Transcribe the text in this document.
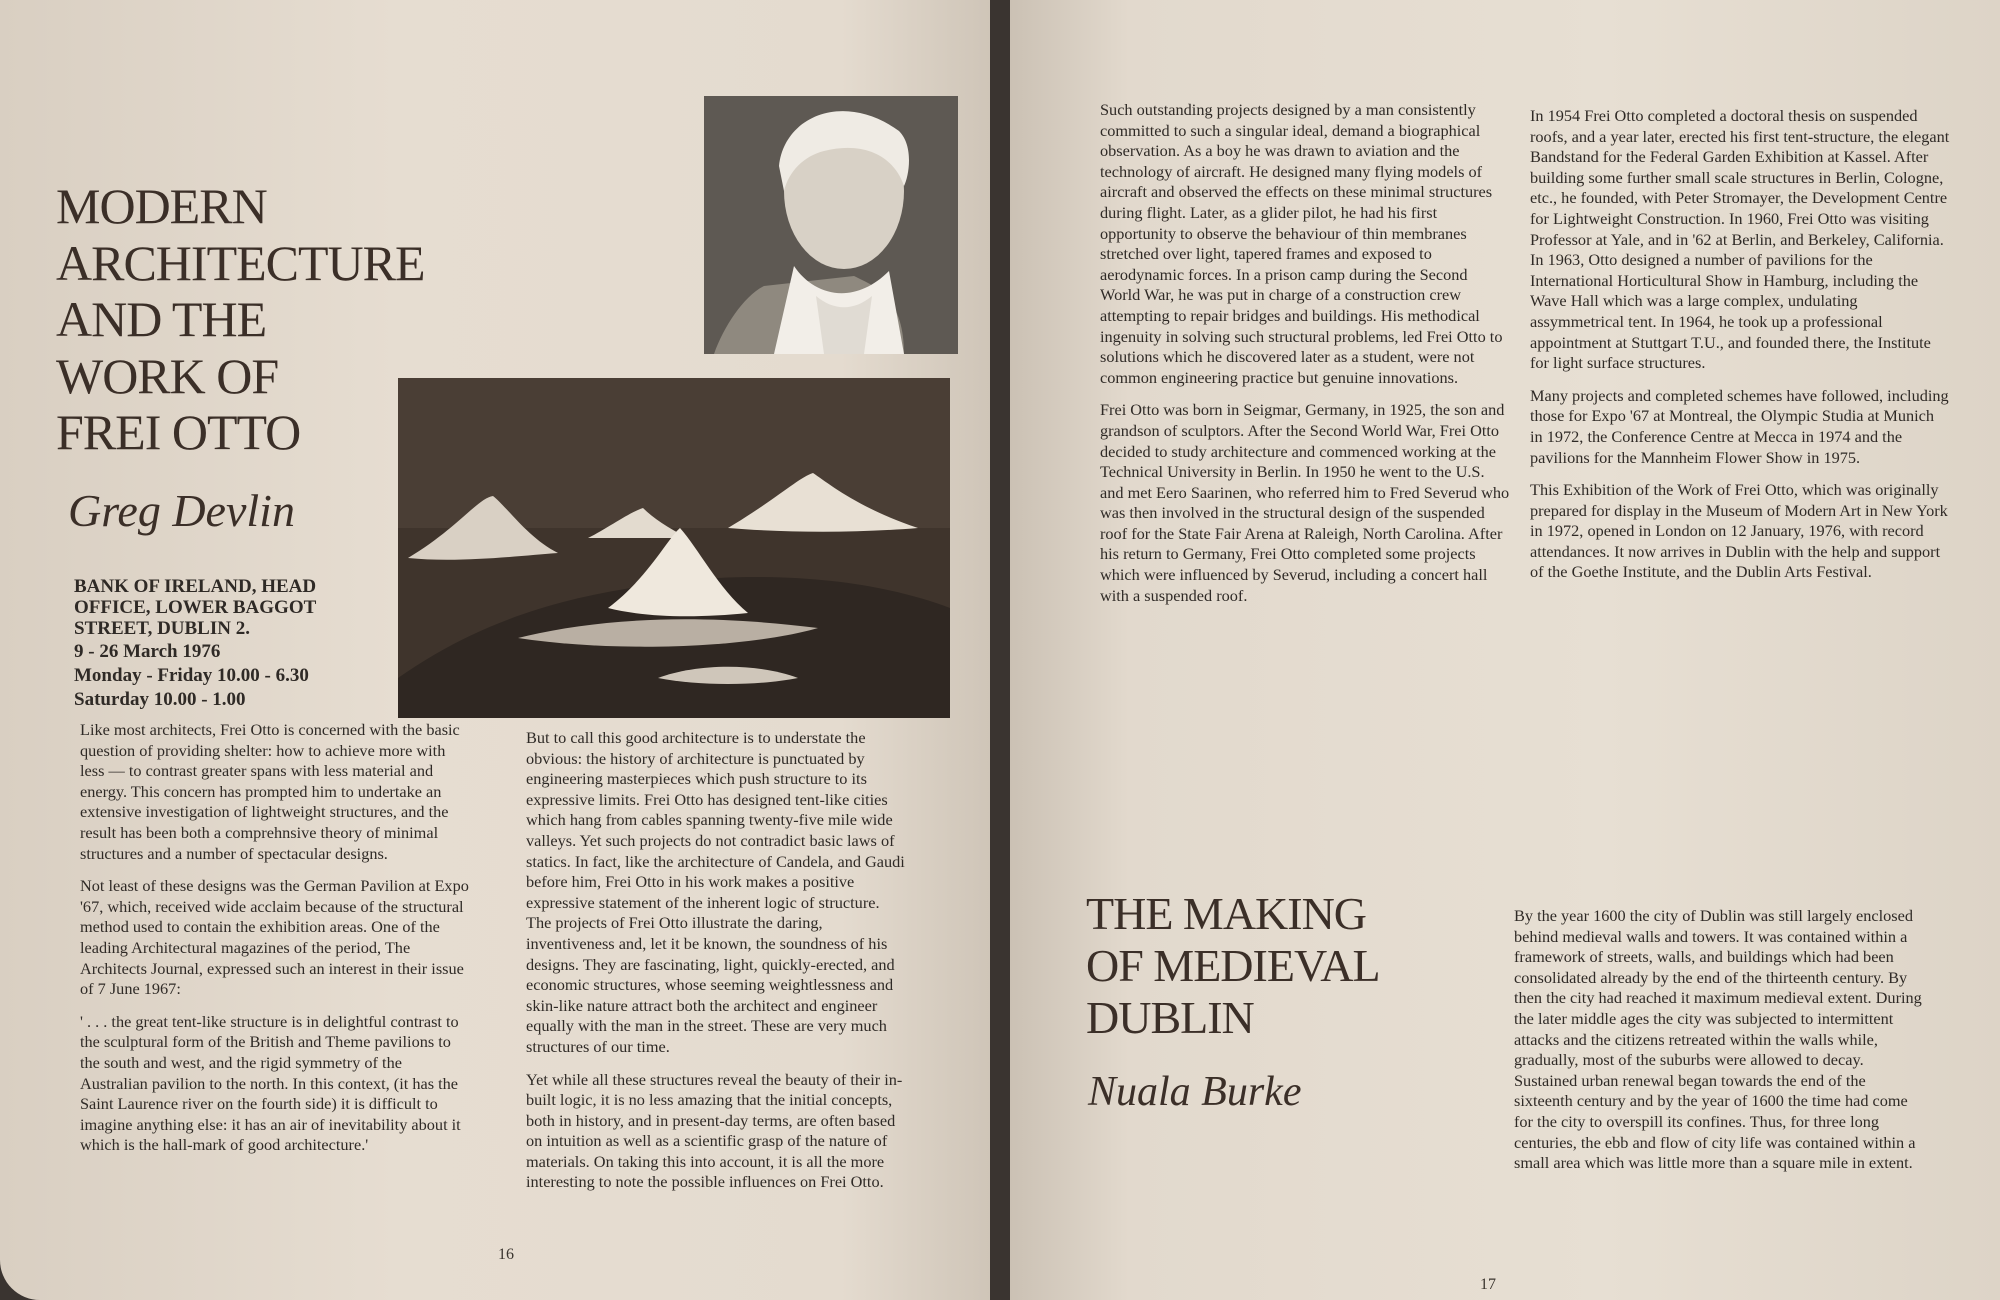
MODERN
ARCHITECTURE
AND THE
WORK OF
FREI OTTO
Greg Devlin
BANK OF IRELAND, HEAD
OFFICE, LOWER BAGGOT
STREET, DUBLIN 2.
9 - 26 March 1976
Monday - Friday 10.00 - 6.30
Saturday 10.00 - 1.00

Like most architects, Frei Otto is concerned with the basic question of providing shelter: how to achieve more with less — to contrast greater spans with less material and energy. This concern has prompted him to undertake an extensive investigation of lightweight structures, and the result has been both a comprehnsive theory of minimal structures and a number of spectacular designs.

Not least of these designs was the German Pavilion at Expo '67, which, received wide acclaim because of the structural method used to contain the exhibition areas. One of the leading Architectural magazines of the period, The Architects Journal, expressed such an interest in their issue of 7 June 1967:

' . . . the great tent-like structure is in delightful contrast to the sculptural form of the British and Theme pavilions to the south and west, and the rigid symmetry of the Australian pavilion to the north. In this context, (it has the Saint Laurence river on the fourth side) it is difficult to imagine anything else: it has an air of inevitability about it which is the hall-mark of good architecture.'

But to call this good architecture is to understate the obvious: the history of architecture is punctuated by engineering masterpieces which push structure to its expressive limits. Frei Otto has designed tent-like cities which hang from cables spanning twenty-five mile wide valleys. Yet such projects do not contradict basic laws of statics. In fact, like the architecture of Candela, and Gaudi before him, Frei Otto in his work makes a positive expressive statement of the inherent logic of structure. The projects of Frei Otto illustrate the daring, inventiveness and, let it be known, the soundness of his designs. They are fascinating, light, quickly-erected, and economic structures, whose seeming weightlessness and skin-like nature attract both the architect and engineer equally with the man in the street. These are very much structures of our time.

Yet while all these structures reveal the beauty of their in-built logic, it is no less amazing that the initial concepts, both in history, and in present-day terms, are often based on intuition as well as a scientific grasp of the nature of materials. On taking this into account, it is all the more interesting to note the possible influences on Frei Otto.

16

Such outstanding projects designed by a man consistently committed to such a singular ideal, demand a biographical observation. As a boy he was drawn to aviation and the technology of aircraft. He designed many flying models of aircraft and observed the effects on these minimal structures during flight. Later, as a glider pilot, he had his first opportunity to observe the behaviour of thin membranes stretched over light, tapered frames and exposed to aerodynamic forces. In a prison camp during the Second World War, he was put in charge of a construction crew attempting to repair bridges and buildings. His methodical ingenuity in solving such structural problems, led Frei Otto to solutions which he discovered later as a student, were not common engineering practice but genuine innovations.

Frei Otto was born in Seigmar, Germany, in 1925, the son and grandson of sculptors. After the Second World War, Frei Otto decided to study architecture and commenced working at the Technical University in Berlin. In 1950 he went to the U.S. and met Eero Saarinen, who referred him to Fred Severud who was then involved in the structural design of the suspended roof for the State Fair Arena at Raleigh, North Carolina. After his return to Germany, Frei Otto completed some projects which were influenced by Severud, including a concert hall with a suspended roof.

In 1954 Frei Otto completed a doctoral thesis on suspended roofs, and a year later, erected his first tent-structure, the elegant Bandstand for the Federal Garden Exhibition at Kassel. After building some further small scale structures in Berlin, Cologne, etc., he founded, with Peter Stromayer, the Development Centre for Lightweight Construction. In 1960, Frei Otto was visiting Professor at Yale, and in '62 at Berlin, and Berkeley, California. In 1963, Otto designed a number of pavilions for the International Horticultural Show in Hamburg, including the Wave Hall which was a large complex, undulating assymmetrical tent. In 1964, he took up a professional appointment at Stuttgart T.U., and founded there, the Institute for light surface structures.

Many projects and completed schemes have followed, including those for Expo '67 at Montreal, the Olympic Studia at Munich in 1972, the Conference Centre at Mecca in 1974 and the pavilions for the Mannheim Flower Show in 1975.

This Exhibition of the Work of Frei Otto, which was originally prepared for display in the Museum of Modern Art in New York in 1972, opened in London on 12 January, 1976, with record attendances. It now arrives in Dublin with the help and support of the Goethe Institute, and the Dublin Arts Festival.

THE MAKING
OF MEDIEVAL
DUBLIN
Nuala Burke

By the year 1600 the city of Dublin was still largely enclosed behind medieval walls and towers. It was contained within a framework of streets, walls, and buildings which had been consolidated already by the end of the thirteenth century. By then the city had reached it maximum medieval extent. During the later middle ages the city was subjected to intermittent attacks and the citizens retreated within the walls while, gradually, most of the suburbs were allowed to decay. Sustained urban renewal began towards the end of the sixteenth century and by the year of 1600 the time had come for the city to overspill its confines. Thus, for three long centuries, the ebb and flow of city life was contained within a small area which was little more than a square mile in extent.

17
